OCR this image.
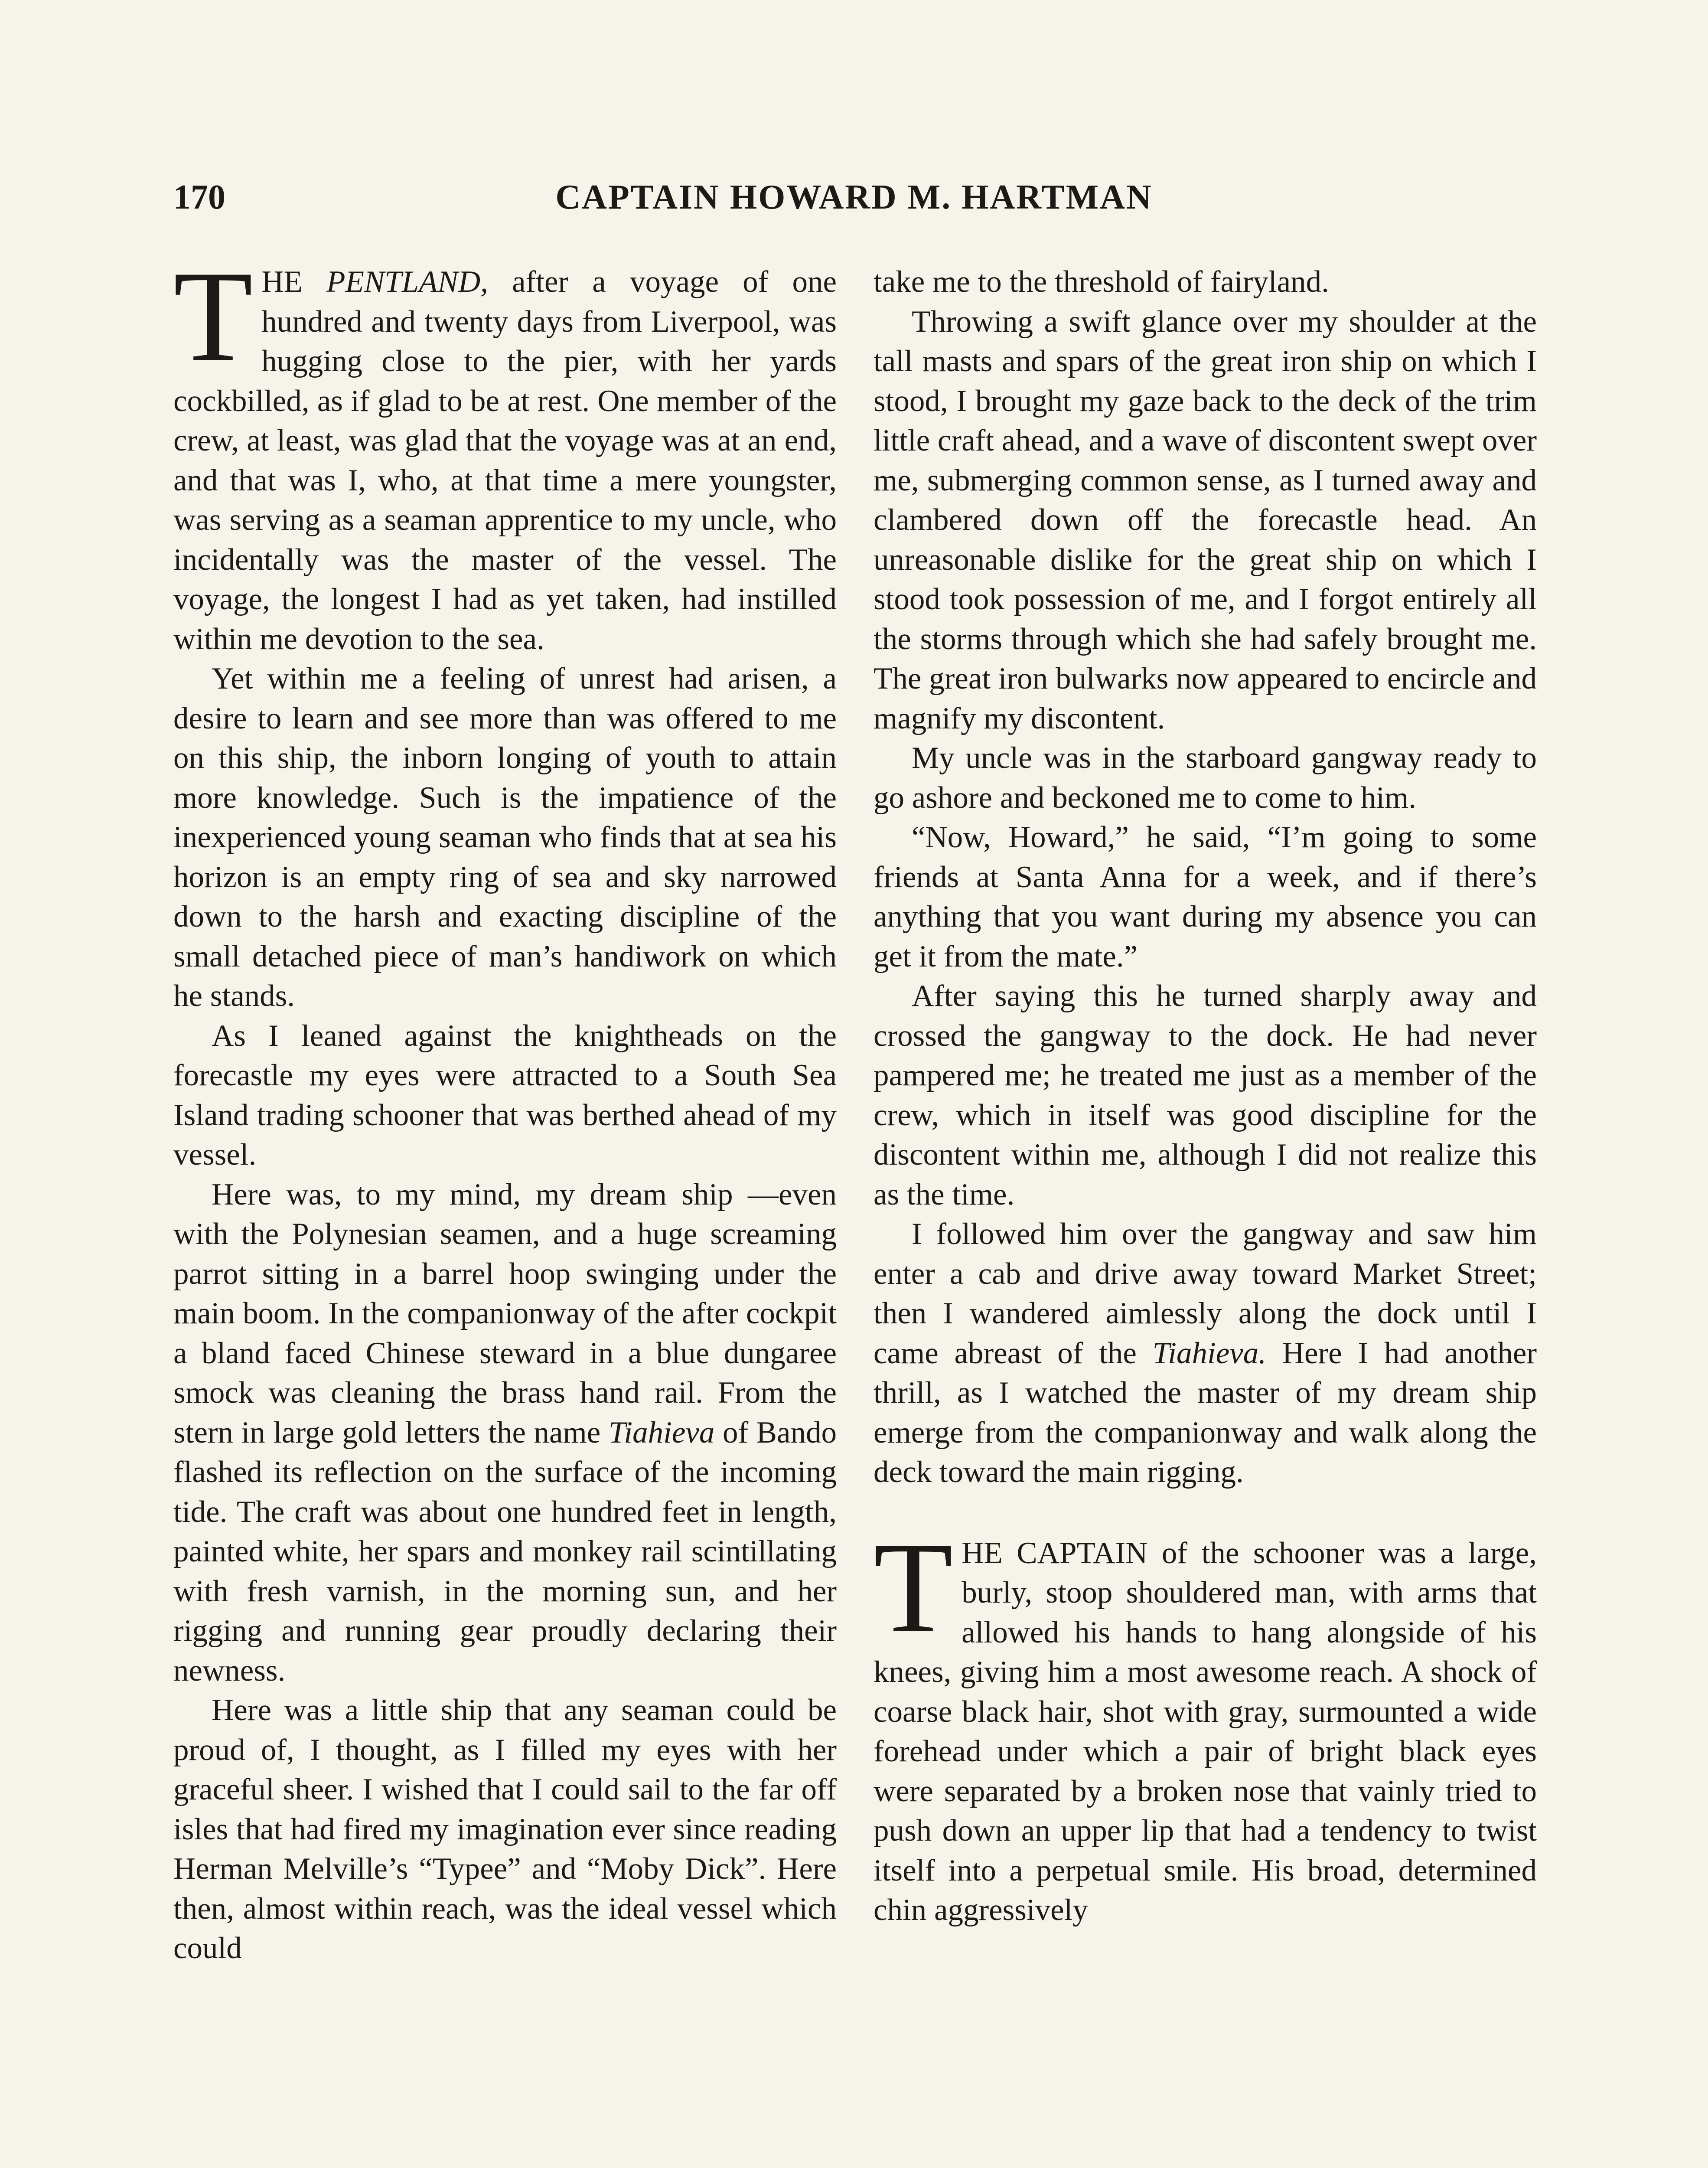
170	CAPTAIN HOWARD M. HARTMAN

THE PENTLAND, after a voyage of one hundred and twenty days from Liverpool, was hugging close to the pier, with her yards cockbilled, as if glad to be at rest. One member of the crew, at least, was glad that the voyage was at an end, and that was I, who, at that time a mere youngster, was serving as a seaman apprentice to my uncle, who incidentally was the master of the vessel. The voyage, the longest I had as yet taken, had instilled within me devotion to the sea.

Yet within me a feeling of unrest had arisen, a desire to learn and see more than was offered to me on this ship, the inborn longing of youth to attain more knowledge. Such is the impatience of the inexperienced young seaman who finds that at sea his horizon is an empty ring of sea and sky narrowed down to the harsh and exacting discipline of the small detached piece of man’s handiwork on which he stands.

As I leaned against the knightheads on the forecastle my eyes were attracted to a South Sea Island trading schooner that was berthed ahead of my vessel.

Here was, to my mind, my dream ship —even with the Polynesian seamen, and a huge screaming parrot sitting in a barrel hoop swinging under the main boom. In the companionway of the after cockpit a bland faced Chinese steward in a blue dungaree smock was cleaning the brass hand rail. From the stern in large gold letters the name Tiahieva of Bando flashed its reflection on the surface of the incoming tide. The craft was about one hundred feet in length, painted white, her spars and monkey rail scintillating with fresh varnish, in the morning sun, and her rigging and running gear proudly declaring their newness.

Here was a little ship that any seaman could be proud of, I thought, as I filled my eyes with her graceful sheer. I wished that I could sail to the far off isles that had fired my imagination ever since reading Herman Melville’s “Typee” and “Moby Dick”. Here then, almost within reach, was the ideal vessel which could

take me to the threshold of fairyland.

Throwing a swift glance over my shoulder at the tall masts and spars of the great iron ship on which I stood, I brought my gaze back to the deck of the trim little craft ahead, and a wave of discontent swept over me, submerging common sense, as I turned away and clambered down off the forecastle head. An unreasonable dislike for the great ship on which I stood took possession of me, and I forgot entirely all the storms through which she had safely brought me. The great iron bulwarks now appeared to encircle and magnify my discontent.

My uncle was in the starboard gangway ready to go ashore and beckoned me to come to him.

“Now, Howard,” he said, “I’m going to some friends at Santa Anna for a week, and if there’s anything that you want during my absence you can get it from the mate.”

After saying this he turned sharply away and crossed the gangway to the dock. He had never pampered me; he treated me just as a member of the crew, which in itself was good discipline for the discontent within me, although I did not realize this as the time.

I followed him over the gangway and saw him enter a cab and drive away toward Market Street; then I wandered aimlessly along the dock until I came abreast of the Tiahieva. Here I had another thrill, as I watched the master of my dream ship emerge from the companionway and walk along the deck toward the main rigging.

THE CAPTAIN of the schooner was a large, burly, stoop shouldered man, with arms that allowed his hands to hang alongside of his knees, giving him a most awesome reach. A shock of coarse black hair, shot with gray, surmounted a wide forehead under which a pair of bright black eyes were separated by a broken nose that vainly tried to push down an upper lip that had a tendency to twist itself into a perpetual smile. His broad, determined chin aggressively
